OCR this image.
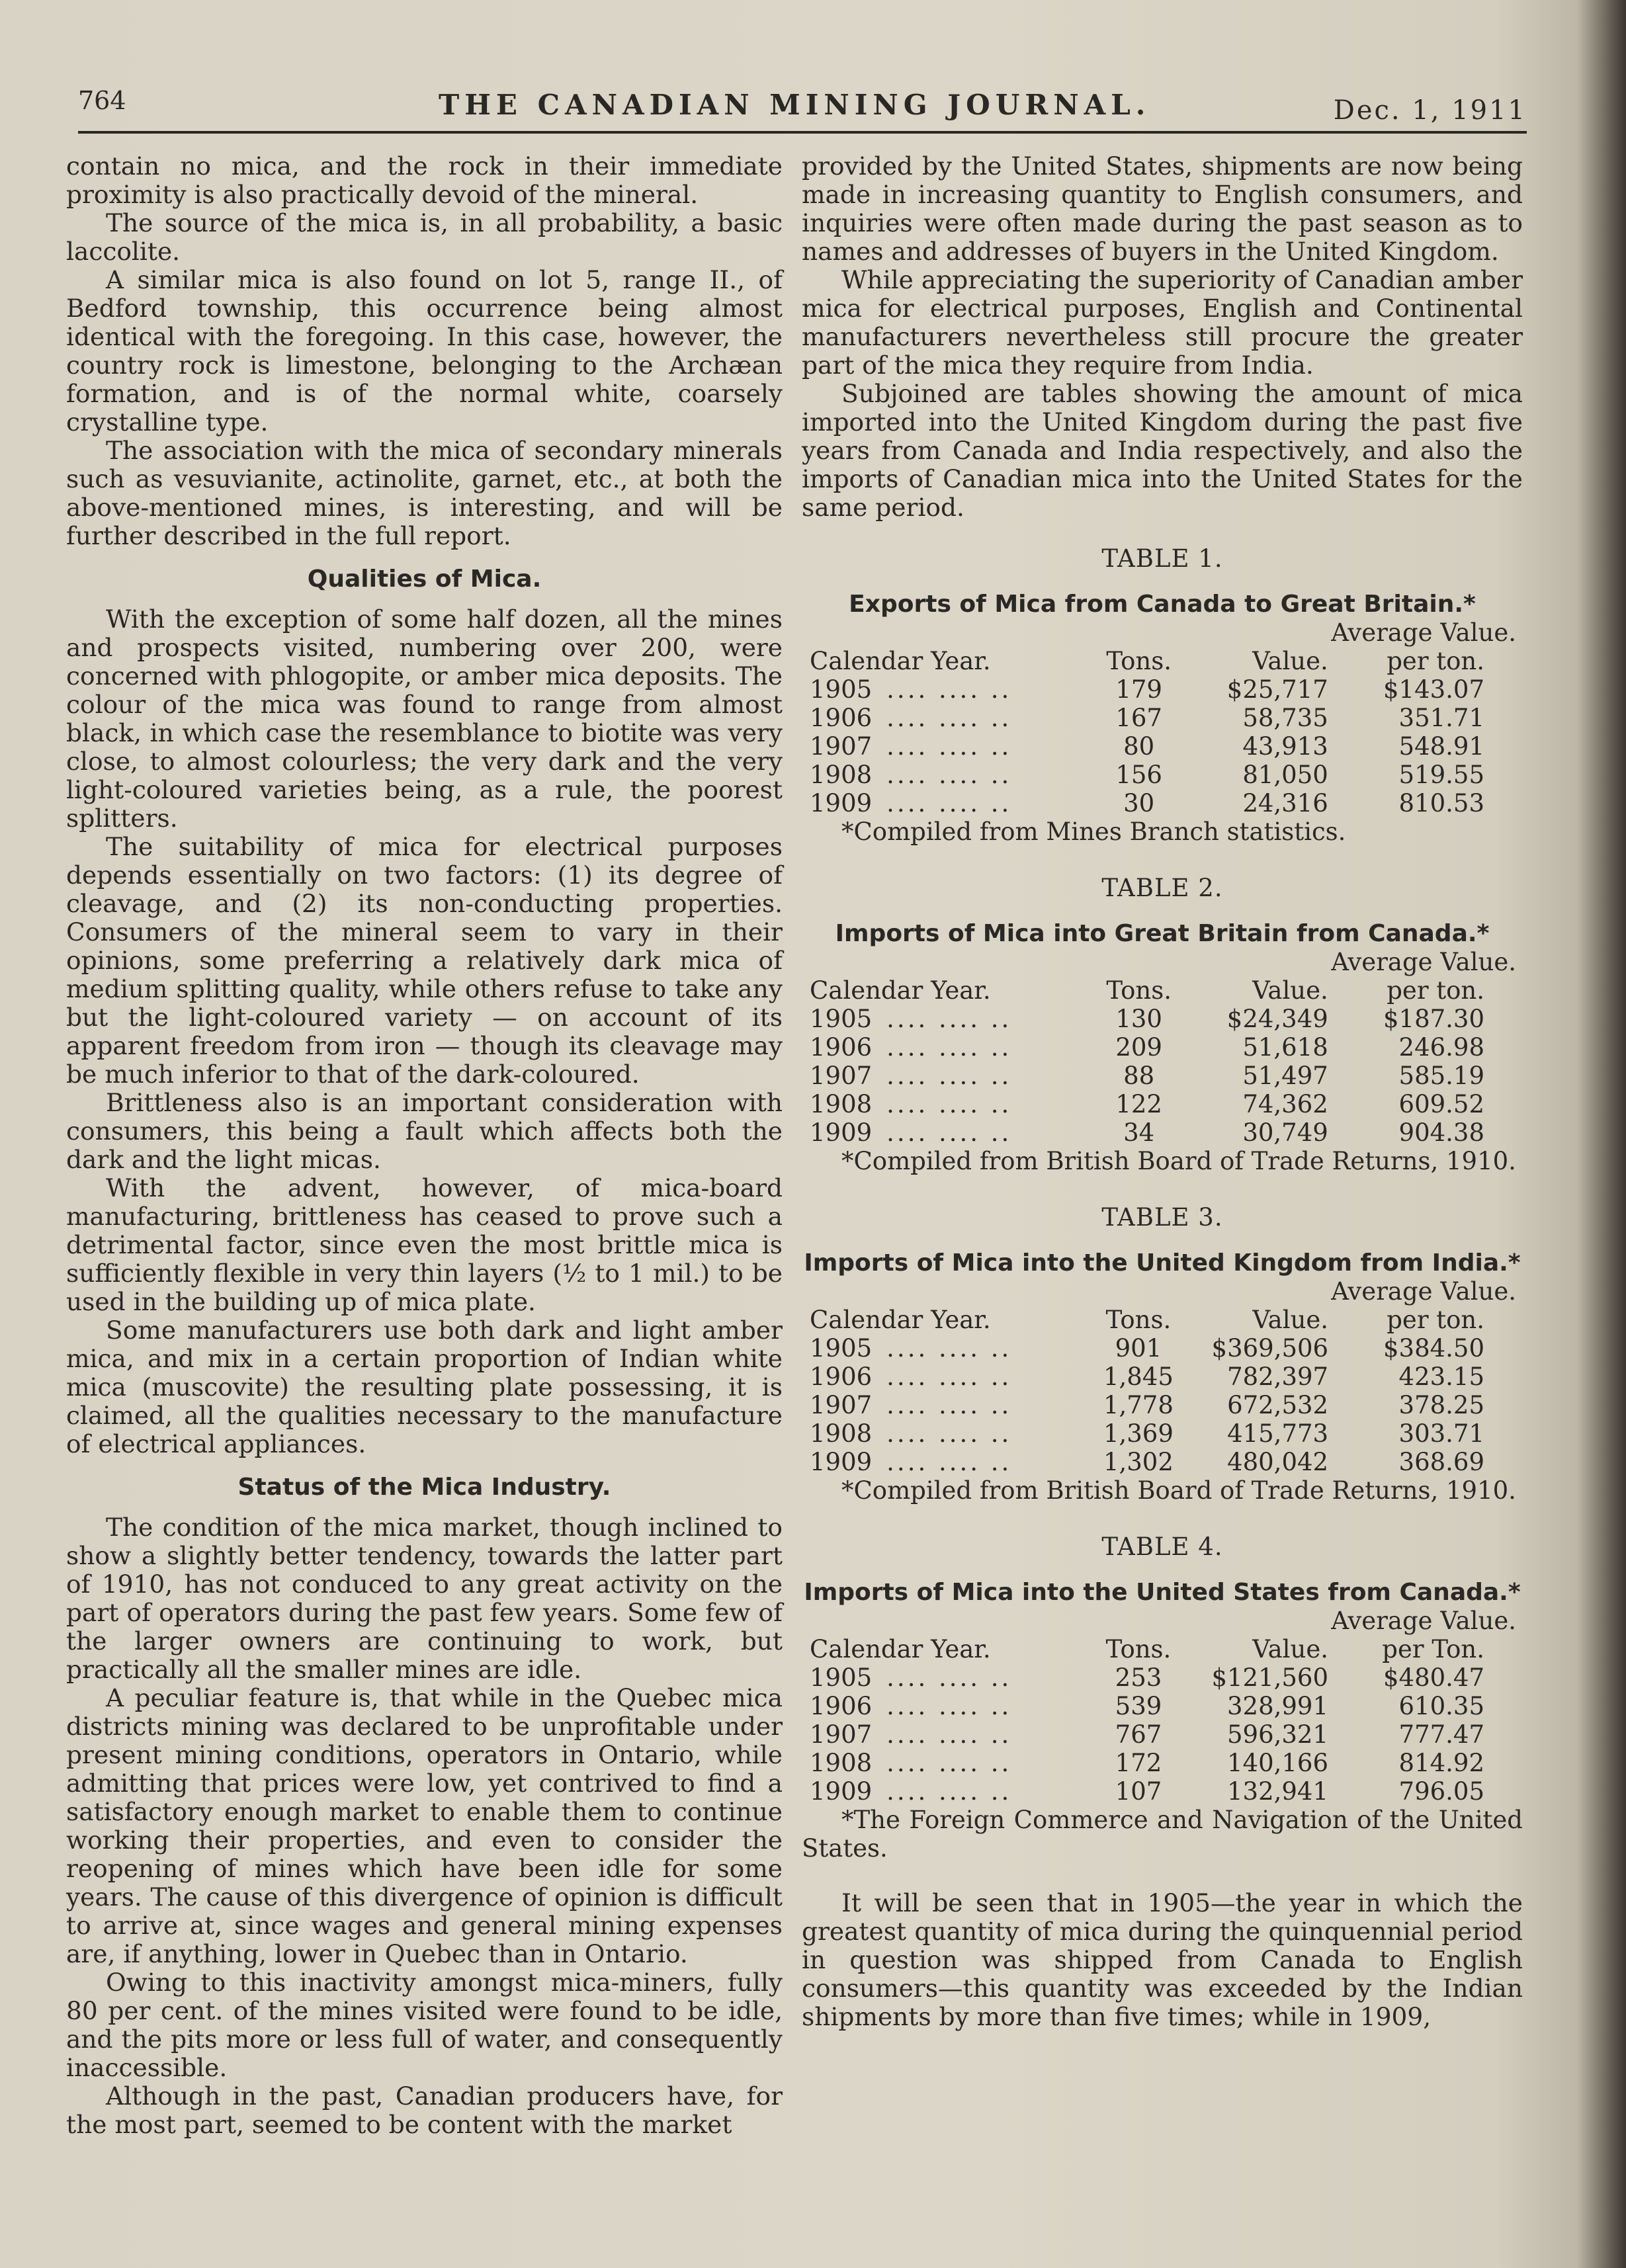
764	THE CANADIAN MINING JOURNAL.	Dec. 1, 1911

contain no mica, and the rock in their immediate proximity is also practically devoid of the mineral.

The source of the mica is, in all probability, a basic laccolite.

A similar mica is also found on lot 5, range II., of Bedford township, this occurrence being almost identical with the foregoing. In this case, however, the country rock is limestone, belonging to the Archæan formation, and is of the normal white, coarsely crystalline type.

The association with the mica of secondary minerals such as vesuvianite, actinolite, garnet, etc., at both the above-mentioned mines, is interesting, and will be further described in the full report.

Qualities of Mica.

With the exception of some half dozen, all the mines and prospects visited, numbering over 200, were concerned with phlogopite, or amber mica deposits. The colour of the mica was found to range from almost black, in which case the resemblance to biotite was very close, to almost colourless; the very dark and the very light-coloured varieties being, as a rule, the poorest splitters.

The suitability of mica for electrical purposes depends essentially on two factors: (1) its degree of cleavage, and (2) its non-conducting properties. Consumers of the mineral seem to vary in their opinions, some preferring a relatively dark mica of medium splitting quality, while others refuse to take any but the light-coloured variety — on account of its apparent freedom from iron — though its cleavage may be much inferior to that of the dark-coloured.

Brittleness also is an important consideration with consumers, this being a fault which affects both the dark and the light micas.

With the advent, however, of mica-board manufacturing, brittleness has ceased to prove such a detrimental factor, since even the most brittle mica is sufficiently flexible in very thin layers (½ to 1 mil.) to be used in the building up of mica plate.

Some manufacturers use both dark and light amber mica, and mix in a certain proportion of Indian white mica (muscovite) the resulting plate possessing, it is claimed, all the qualities necessary to the manufacture of electrical appliances.

Status of the Mica Industry.

The condition of the mica market, though inclined to show a slightly better tendency, towards the latter part of 1910, has not conduced to any great activity on the part of operators during the past few years. Some few of the larger owners are continuing to work, but practically all the smaller mines are idle.

A peculiar feature is, that while in the Quebec mica districts mining was declared to be unprofitable under present mining conditions, operators in Ontario, while admitting that prices were low, yet contrived to find a satisfactory enough market to enable them to continue working their properties, and even to consider the reopening of mines which have been idle for some years. The cause of this divergence of opinion is difficult to arrive at, since wages and general mining expenses are, if anything, lower in Quebec than in Ontario.

Owing to this inactivity amongst mica-miners, fully 80 per cent. of the mines visited were found to be idle, and the pits more or less full of water, and consequently inaccessible.

Although in the past, Canadian producers have, for the most part, seemed to be content with the market

provided by the United States, shipments are now being made in increasing quantity to English consumers, and inquiries were often made during the past season as to names and addresses of buyers in the United Kingdom.

While appreciating the superiority of Canadian amber mica for electrical purposes, English and Continental manufacturers nevertheless still procure the greater part of the mica they require from India.

Subjoined are tables showing the amount of mica imported into the United Kingdom during the past five years from Canada and India respectively, and also the imports of Canadian mica into the United States for the same period.

TABLE 1.
Exports of Mica from Canada to Great Britain.*
Average Value.
Calendar Year.	Tons.	Value.	per ton.
1905 .... .... ..	179	$25,717	$143.07
1906 .... .... ..	167	58,735	351.71
1907 .... .... ..	80	43,913	548.91
1908 .... .... ..	156	81,050	519.55
1909 .... .... ..	30	24,316	810.53

*Compiled from Mines Branch statistics.

TABLE 2.
Imports of Mica into Great Britain from Canada.*
Average Value.
Calendar Year.	Tons.	Value.	per ton.
1905 .... .... ..	130	$24,349	$187.30
1906 .... .... ..	209	51,618	246.98
1907 .... .... ..	88	51,497	585.19
1908 .... .... ..	122	74,362	609.52
1909 .... .... ..	34	30,749	904.38

*Compiled from British Board of Trade Returns, 1910.

TABLE 3.
Imports of Mica into the United Kingdom from India.*
Average Value.
Calendar Year.	Tons.	Value.	per ton.
1905 .... .... ..	901	$369,506	$384.50
1906 .... .... ..	1,845	782,397	423.15
1907 .... .... ..	1,778	672,532	378.25
1908 .... .... ..	1,369	415,773	303.71
1909 .... .... ..	1,302	480,042	368.69

*Compiled from British Board of Trade Returns, 1910.

TABLE 4.
Imports of Mica into the United States from Canada.*
Average Value.
Calendar Year.	Tons.	Value.	per Ton.
1905 .... .... ..	253	$121,560	$480.47
1906 .... .... ..	539	328,991	610.35
1907 .... .... ..	767	596,321	777.47
1908 .... .... ..	172	140,166	814.92
1909 .... .... ..	107	132,941	796.05

*The Foreign Commerce and Navigation of the United States.

It will be seen that in 1905—the year in which the greatest quantity of mica during the quinquennial period in question was shipped from Canada to English consumers—this quantity was exceeded by the Indian shipments by more than five times; while in 1909,
